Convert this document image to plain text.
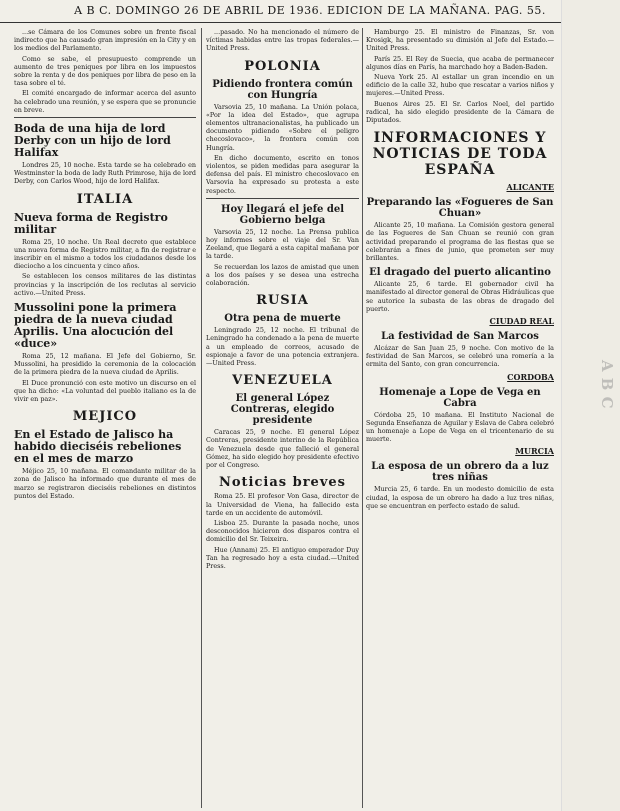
A B C. DOMINGO 26 DE ABRIL DE 1936. EDICION DE LA MAÑANA. PAG. 55.

...se Cámara de los Comunes sobre un frente fiscal indirecto que ha causado gran impresión en la City y en los medios del Parlamento.

Como se sabe, el presupuesto comprende un aumento de tres peniques por libra en los impuestos sobre la renta y de dos peniques por libra de peso en la tasa sobre el té.

El comité encargado de informar acerca del asunto ha celebrado una reunión, y se espera que se pronuncie en breve.

Boda de una hija de lord Derby con un hijo de lord Halifax

Londres 25, 10 noche. Esta tarde se ha celebrado en Westminster la boda de lady Ruth Primrose, hija de lord Derby, con Carlos Wood, hijo de lord Halifax.

ITALIA
Nueva forma de Registro militar

Roma 25, 10 noche. Un Real decreto que establece una nueva forma de Registro militar, a fin de registrar e inscribir en el mismo a todos los ciudadanos desde los dieciocho a los cincuenta y cinco años.

Se establecen los censos militares de las distintas provincias y la inscripción de los reclutas al servicio activo.—United Press.

Mussolini pone la primera piedra de la nueva ciudad Aprilis. Una alocución del «duce»

Roma 25, 12 mañana. El Jefe del Gobierno, Sr. Mussolini, ha presidido la ceremonia de la colocación de la primera piedra de la nueva ciudad de Aprilis.

El Duce pronunció con este motivo un discurso en el que ha dicho: «La voluntad del pueblo italiano es la de vivir en paz».

MEJICO
En el Estado de Jalisco ha habido dieciséis rebeliones en el mes de marzo

Méjico 25, 10 mañana. El comandante militar de la zona de Jalisco ha informado que durante el mes de marzo se registraron dieciséis rebeliones en distintos puntos del Estado.

...pasado. No ha mencionado el número de víctimas habidas entre las tropas federales.—United Press.

POLONIA
Pidiendo frontera común con Hungría

Varsovia 25, 10 mañana. La Unión polaca, «Por la idea del Estado», que agrupa elementos ultranacionalistas, ha publicado un documento pidiendo «Sobre el peligro checoslovaco», la frontera común con Hungría.

En dicho documento, escrito en tonos violentos, se piden medidas para asegurar la defensa del país. El ministro checoslovaco en Varsovia ha expresado su protesta a este respecto.

Hoy llegará el jefe del Gobierno belga

Varsovia 25, 12 noche. La Prensa publica hoy informes sobre el viaje del Sr. Van Zeeland, que llegará a esta capital mañana por la tarde.

Se recuerdan los lazos de amistad que unen a los dos países y se desea una estrecha colaboración.

RUSIA
Otra pena de muerte

Leningrado 25, 12 noche. El tribunal de Leningrado ha condenado a la pena de muerte a un empleado de correos, acusado de espionaje a favor de una potencia extranjera.—United Press.

VENEZUELA
El general López Contreras, elegido presidente

Caracas 25, 9 noche. El general López Contreras, presidente interino de la República de Venezuela desde que falleció el general Gómez, ha sido elegido hoy presidente efectivo por el Congreso.

Noticias breves

Roma 25. El profesor Von Gasa, director de la Universidad de Viena, ha fallecido esta tarde en un accidente de automóvil.

Lisboa 25. Durante la pasada noche, unos desconocidos hicieron dos disparos contra el domicilio del Sr. Teixeira.

Hue (Annam) 25. El antiguo emperador Duy Tan ha regresado hoy a esta ciudad.—United Press.

Hamburgo 25. El ministro de Finanzas, Sr. von Krosigk, ha presentado su dimisión al Jefe del Estado.—United Press.

París 25. El Rey de Suecia, que acaba de permanecer algunos días en París, ha marchado hoy a Baden-Baden.

Nueva York 25. Al estallar un gran incendio en un edificio de la calle 32, hubo que rescatar a varios niños y mujeres.—United Press.

Buenos Aires 25. El Sr. Carlos Noel, del partido radical, ha sido elegido presidente de la Cámara de Diputados.

INFORMACIONES Y NOTICIAS DE TODA ESPAÑA
ALICANTE
Preparando las «Fogueres de San Chuan»

Alicante 25, 10 mañana. La Comisión gestora general de las Fogueres de San Chuan se reunió con gran actividad preparando el programa de las fiestas que se celebrarán a fines de junio, que prometen ser muy brillantes.

El dragado del puerto alicantino

Alicante 25, 6 tarde. El gobernador civil ha manifestado al director general de Obras Hidráulicas que se autorice la subasta de las obras de dragado del puerto.

CIUDAD REAL
La festividad de San Marcos

Alcázar de San Juan 25, 9 noche. Con motivo de la festividad de San Marcos, se celebró una romería a la ermita del Santo, con gran concurrencia.

CORDOBA
Homenaje a Lope de Vega en Cabra

Córdoba 25, 10 mañana. El Instituto Nacional de Segunda Enseñanza de Aguilar y Eslava de Cabra celebró un homenaje a Lope de Vega en el tricentenario de su muerte.

MURCIA
La esposa de un obrero da a luz tres niñas

Murcia 25, 6 tarde. En un modesto domicilio de esta ciudad, la esposa de un obrero ha dado a luz tres niñas, que se encuentran en perfecto estado de salud.

ABC
